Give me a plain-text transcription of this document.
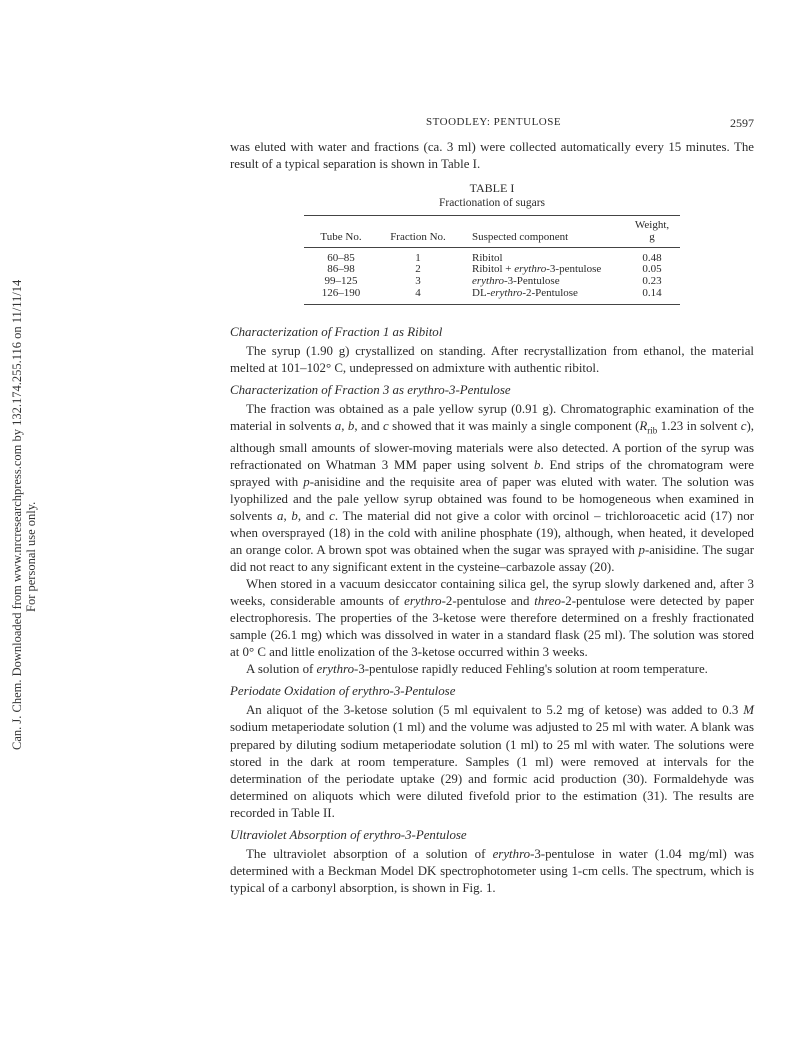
Can. J. Chem. Downloaded from www.nrcresearchpress.com by 132.174.255.116 on 11/11/14 For personal use only.
STOODLEY: PENTULOSE	2597

was eluted with water and fractions (ca. 3 ml) were collected automatically every 15 minutes. The result of a typical separation is shown in Table I.

TABLE I
Fractionation of sugars
Tube No.	Fraction No.	Suspected component	Weight,
g
60–85	1	Ribitol	0.48
86–98	2	Ribitol + erythro-3-pentulose	0.05
99–125	3	erythro-3-Pentulose	0.23
126–190	4	DL-erythro-2-Pentulose	0.14
Characterization of Fraction 1 as Ribitol

The syrup (1.90 g) crystallized on standing. After recrystallization from ethanol, the material melted at 101–102° C, undepressed on admixture with authentic ribitol.

Characterization of Fraction 3 as erythro-3-Pentulose

The fraction was obtained as a pale yellow syrup (0.91 g). Chromatographic examination of the material in solvents a, b, and c showed that it was mainly a single component ($R_{rib}$ 1.23 in solvent c), although small amounts of slower-moving materials were also detected. A portion of the syrup was refractionated on Whatman 3 MM paper using solvent b. End strips of the chromatogram were sprayed with p-anisidine and the requisite area of paper was eluted with water. The solution was lyophilized and the pale yellow syrup obtained was found to be homogeneous when examined in solvents a, b, and c. The material did not give a color with orcinol – trichloroacetic acid (17) nor when oversprayed (18) in the cold with aniline phosphate (19), although, when heated, it developed an orange color. A brown spot was obtained when the sugar was sprayed with p-anisidine. The sugar did not react to any significant extent in the cysteine–carbazole assay (20).

When stored in a vacuum desiccator containing silica gel, the syrup slowly darkened and, after 3 weeks, considerable amounts of erythro-2-pentulose and threo-2-pentulose were detected by paper electrophoresis. The properties of the 3-ketose were therefore determined on a freshly fractionated sample (26.1 mg) which was dissolved in water in a standard flask (25 ml). The solution was stored at 0° C and little enolization of the 3-ketose occurred within 3 weeks.

A solution of erythro-3-pentulose rapidly reduced Fehling's solution at room temperature.

Periodate Oxidation of erythro-3-Pentulose

An aliquot of the 3-ketose solution (5 ml equivalent to 5.2 mg of ketose) was added to 0.3 M sodium metaperiodate solution (1 ml) and the volume was adjusted to 25 ml with water. A blank was prepared by diluting sodium metaperiodate solution (1 ml) to 25 ml with water. The solutions were stored in the dark at room temperature. Samples (1 ml) were removed at intervals for the determination of the periodate uptake (29) and formic acid production (30). Formaldehyde was determined on aliquots which were diluted fivefold prior to the estimation (31). The results are recorded in Table II.

Ultraviolet Absorption of erythro-3-Pentulose

The ultraviolet absorption of a solution of erythro-3-pentulose in water (1.04 mg/ml) was determined with a Beckman Model DK spectrophotometer using 1-cm cells. The spectrum, which is typical of a carbonyl absorption, is shown in Fig. 1.
